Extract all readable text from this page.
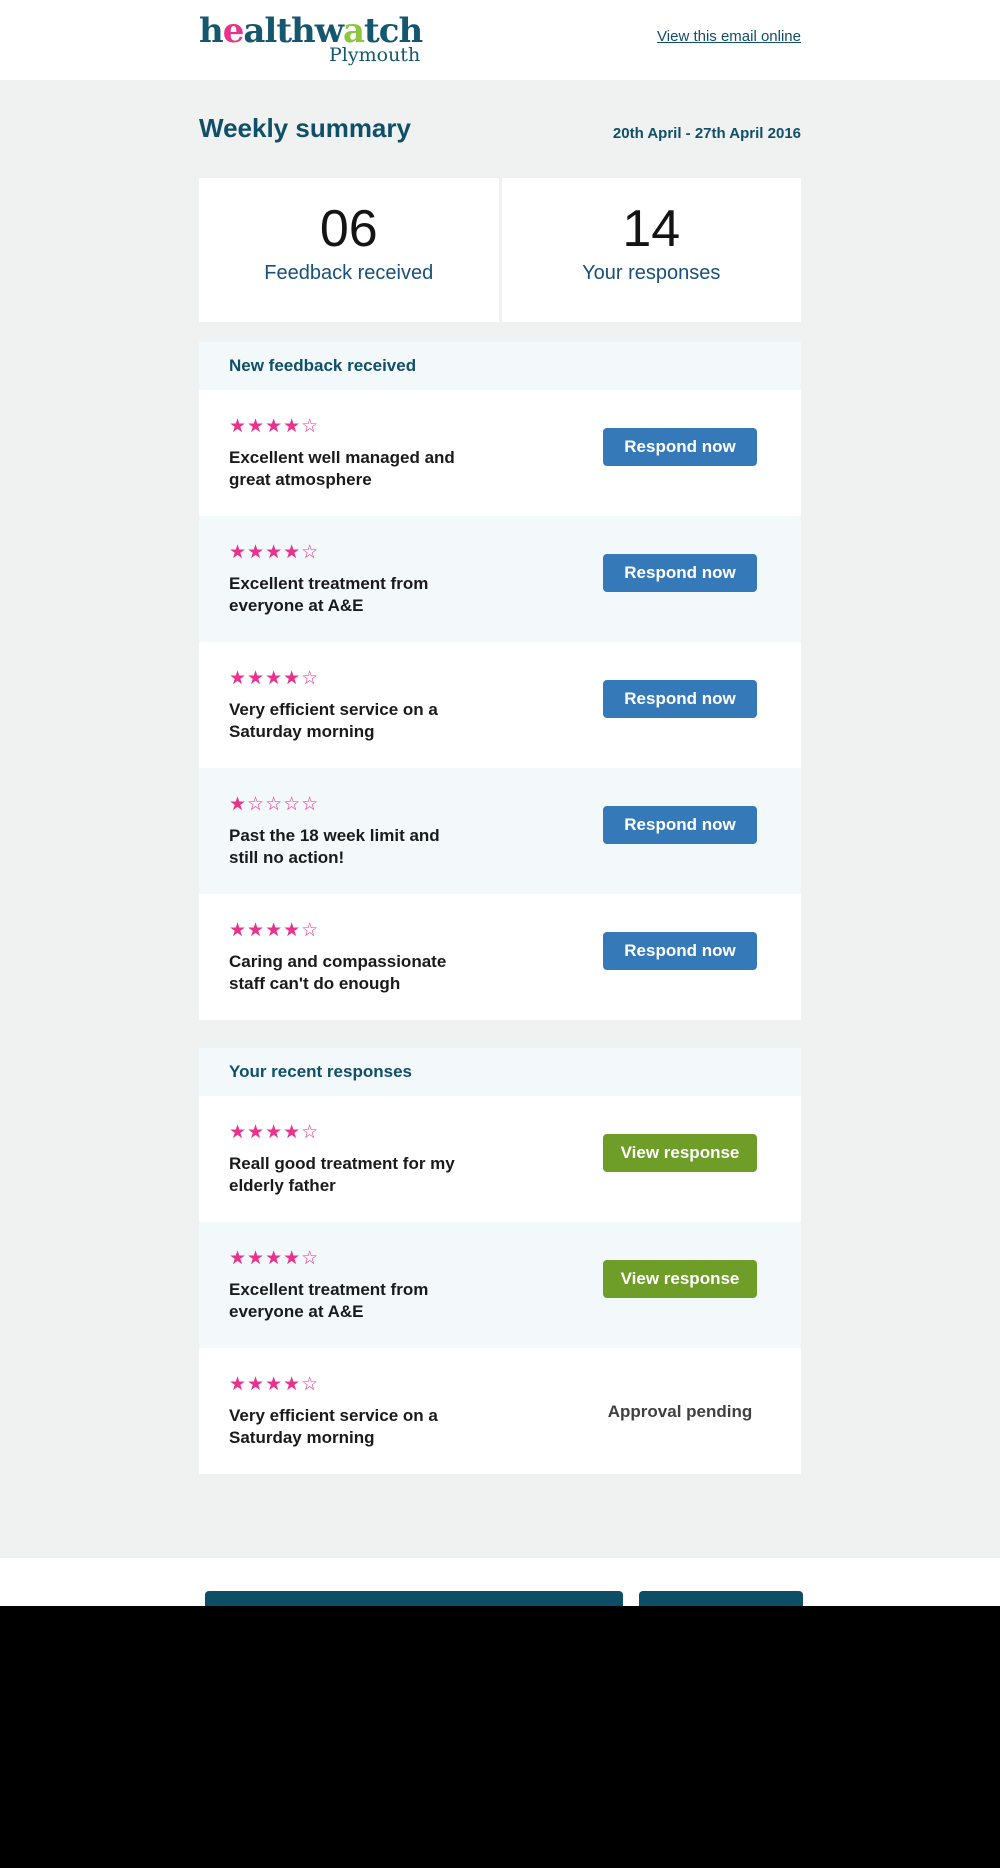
healthwatch
Plymouth
View this email online
Weekly summary	20th April - 27th April 2016
06
Feedback received
14
Your responses
New feedback received
★★★★☆
Excellent well managed and great atmosphere
Respond now
★★★★☆
Excellent treatment from everyone at A&E
Respond now
★★★★☆
Very efficient service on a Saturday morning
Respond now
★☆☆☆☆
Past the 18 week limit and still no action!
Respond now
★★★★☆
Caring and compassionate staff can't do enough
Respond now
Your recent responses
★★★★☆
Reall good treatment for my elderly father
View response
★★★★☆
Excellent treatment from everyone at A&E
View response
★★★★☆
Very efficient service on a Saturday morning
Approval pending
